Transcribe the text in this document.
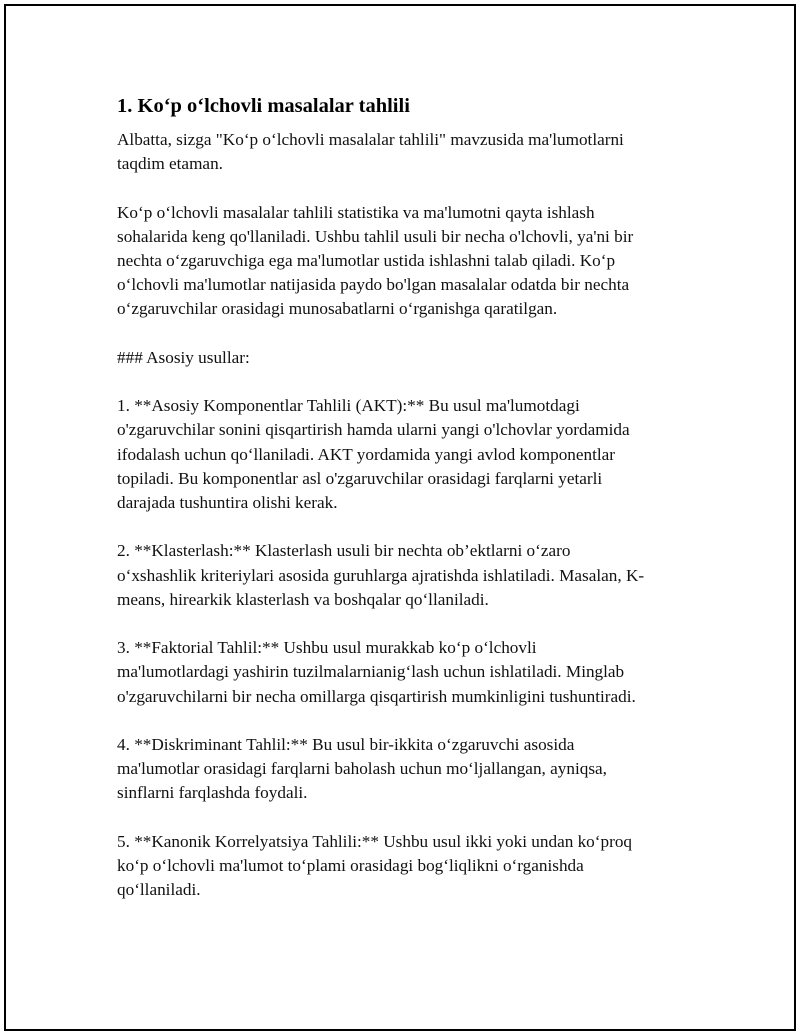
1. Ko‘p o‘lchovli masalalar tahlili

Albatta, sizga "Ko‘p o‘lchovli masalalar tahlili" mavzusida ma'lumotlarni
taqdim etaman.

Ko‘p o‘lchovli masalalar tahlili statistika va ma'lumotni qayta ishlash
sohalarida keng qo'llaniladi. Ushbu tahlil usuli bir necha o'lchovli, ya'ni bir
nechta o‘zgaruvchiga ega ma'lumotlar ustida ishlashni talab qiladi. Ko‘p
o‘lchovli ma'lumotlar natijasida paydo bo'lgan masalalar odatda bir nechta
o‘zgaruvchilar orasidagi munosabatlarni o‘rganishga qaratilgan.

### Asosiy usullar:

1. **Asosiy Komponentlar Tahlili (AKT):** Bu usul ma'lumotdagi
o'zgaruvchilar sonini qisqartirish hamda ularni yangi o'lchovlar yordamida
ifodalash uchun qo‘llaniladi. AKT yordamida yangi avlod komponentlar
topiladi. Bu komponentlar asl o'zgaruvchilar orasidagi farqlarni yetarli
darajada tushuntira olishi kerak.

2. **Klasterlash:** Klasterlash usuli bir nechta ob’ektlarni o‘zaro
o‘xshashlik kriteriylari asosida guruhlarga ajratishda ishlatiladi. Masalan, K-
means, hirearkik klasterlash va boshqalar qo‘llaniladi.

3. **Faktorial Tahlil:** Ushbu usul murakkab ko‘p o‘lchovli
ma'lumotlardagi yashirin tuzilmalarnianig‘lash uchun ishlatiladi. Minglab
o'zgaruvchilarni bir necha omillarga qisqartirish mumkinligini tushuntiradi.

4. **Diskriminant Tahlil:** Bu usul bir-ikkita o‘zgaruvchi asosida
ma'lumotlar orasidagi farqlarni baholash uchun mo‘ljallangan, ayniqsa,
sinflarni farqlashda foydali.

5. **Kanonik Korrelyatsiya Tahlili:** Ushbu usul ikki yoki undan ko‘proq
ko‘p o‘lchovli ma'lumot to‘plami orasidagi bog‘liqlikni o‘rganishda
qo‘llaniladi.
